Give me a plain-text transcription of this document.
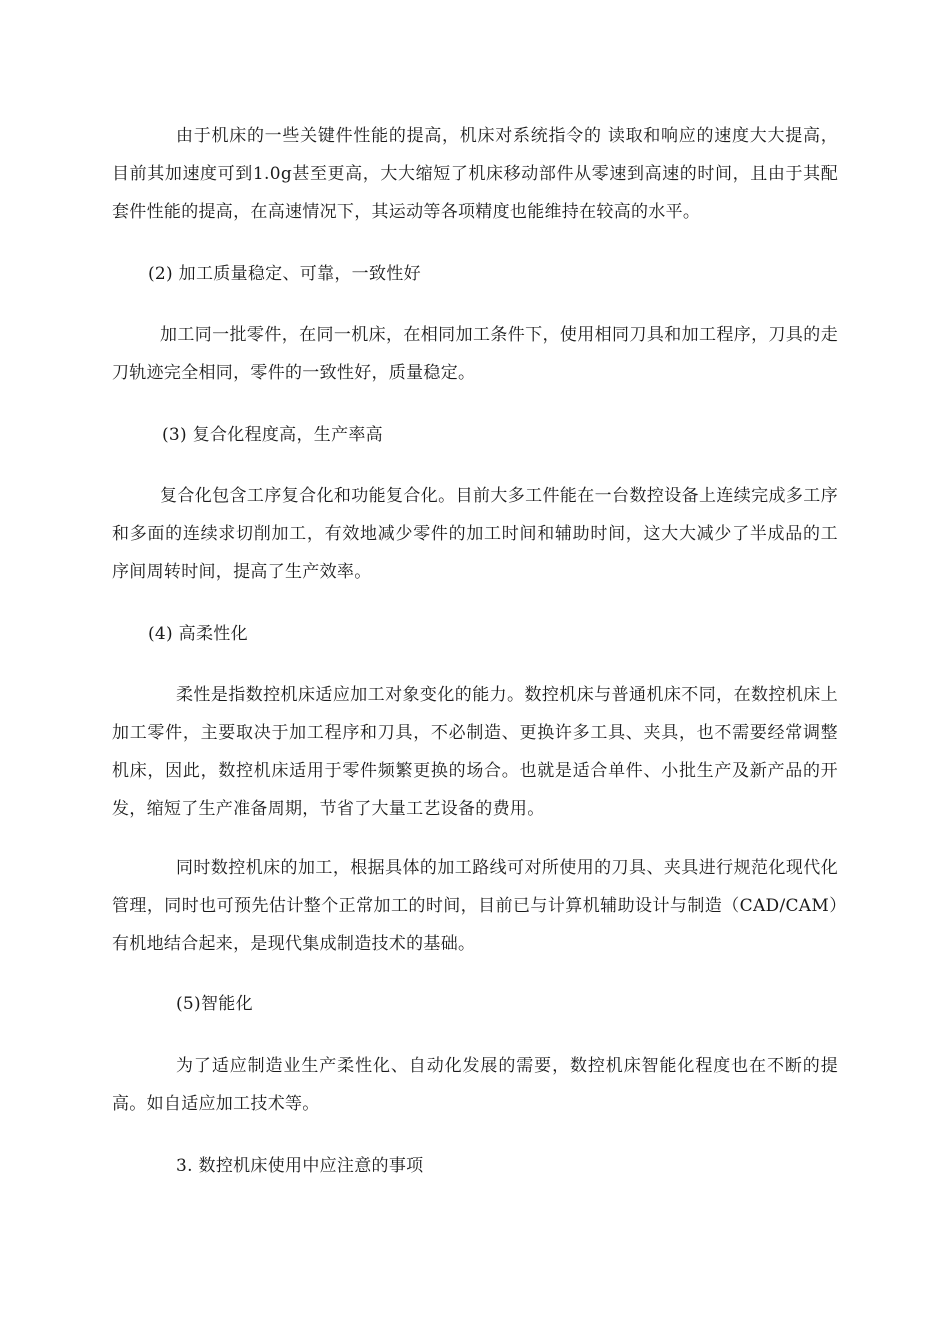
由于机床的一些关键件性能的提高，机床对系统指令的 读取和响应的速度大大提高，目前其加速度可到1.0g甚至更高，大大缩短了机床移动部件从零速到高速的时间，且由于其配套件性能的提高，在高速情况下，其运动等各项精度也能维持在较高的水平。

(2) 加工质量稳定、可靠，一致性好

加工同一批零件，在同一机床，在相同加工条件下，使用相同刀具和加工程序，刀具的走刀轨迹完全相同，零件的一致性好，质量稳定。

(3) 复合化程度高，生产率高

复合化包含工序复合化和功能复合化。目前大多工件能在一台数控设备上连续完成多工序和多面的连续求切削加工，有效地减少零件的加工时间和辅助时间，这大大减少了半成品的工序间周转时间，提高了生产效率。

(4) 高柔性化

柔性是指数控机床适应加工对象变化的能力。数控机床与普通机床不同，在数控机床上加工零件，主要取决于加工程序和刀具，不必制造、更换许多工具、夹具，也不需要经常调整机床，因此，数控机床适用于零件频繁更换的场合。也就是适合单件、小批生产及新产品的开发，缩短了生产准备周期，节省了大量工艺设备的费用。

同时数控机床的加工，根据具体的加工路线可对所使用的刀具、夹具进行规范化现代化管理，同时也可预先估计整个正常加工的时间，目前已与计算机辅助设计与制造（CAD/CAM）有机地结合起来，是现代集成制造技术的基础。

(5)智能化

为了适应制造业生产柔性化、自动化发展的需要，数控机床智能化程度也在不断的提高。如自适应加工技术等。

3. 数控机床使用中应注意的事项
